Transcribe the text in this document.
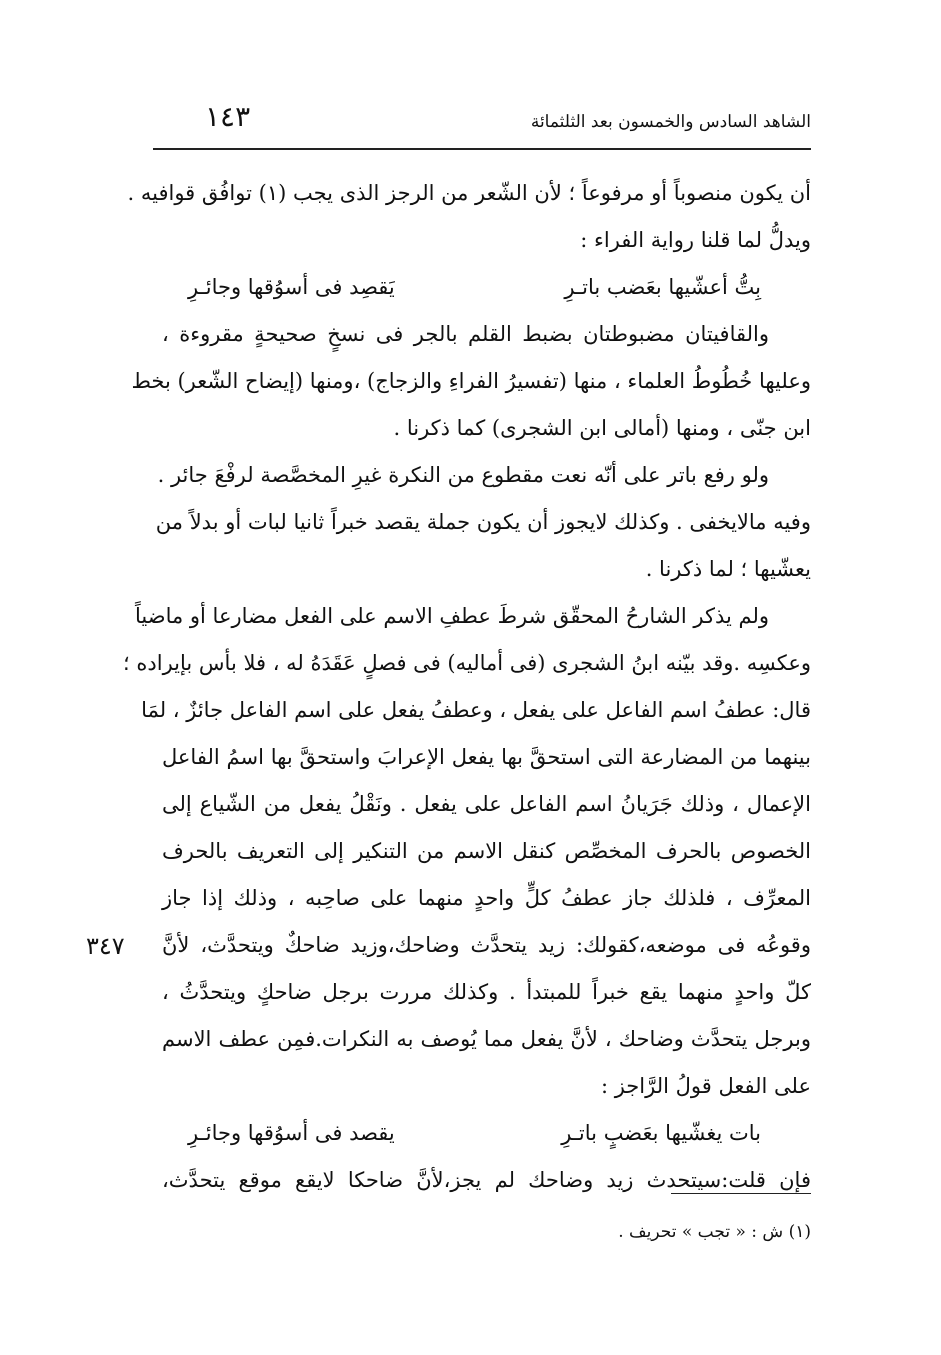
الشاهد السادس والخمسون بعد الثلثمائة
١٤٣
أن يكون منصوباً أو مرفوعاً ؛ لأن الشّعر من الرجز الذى يجب (١) توافُق قوافيه .
ويدلُّ لما قلنا رواية الفراء :
بِتُّ أعشّيها بعَضب باتـرِ
يَقصِد فى أسوُقها وجائـرِ
والقافيتان مضبوطتان بضبط القلم بالجر فى نسخٍ صحيحةٍ مقروءة ،
وعليها خُطُوطُ العلماء ، منها (تفسيرُ الفراءِ والزجاج) ،ومنها (إيضاح الشّعر) بخط
ابن جنّى ، ومنها (أمالى ابن الشجرى) كما ذكرنا .
ولو رفع باتر على أنّه نعت مقطوع من النكرة غيرِ المخصَّصة لرفْعَ جائر .
وفيه مالايخفى . وكذلك لايجوز أن يكون جملة يقصد خبراً ثانيا لبات أو بدلاً من
يعشّيها ؛ لما ذكرنا .
ولم يذكر الشارحُ المحقّق شرطَ عطفِ الاسم على الفعل مضارعا أو ماضياً
وعكسِه .وقد بيّنه ابنُ الشجرى (فى أماليه) فى فصلٍ عَقَدَهُ له ، فلا بأس بإيراده ؛
قال: عطفُ اسم الفاعل على يفعل ، وعطفُ يفعل على اسم الفاعل جائزٌ ، لمَا
بينهما من المضارعة التى استحقَّ بها يفعل الإعرابَ واستحقَّ بها اسمُ الفاعل
الإعمال ، وذلك جَرَيانُ اسم الفاعل على يفعل . ونَقْلُ يفعل من الشّياع إلى
الخصوص بالحرف المخصِّص كنقل الاسم من التنكير إلى التعريف بالحرف
المعرِّف ، فلذلك جاز عطفُ كلٍّ واحدٍ منهما على صاحِبه ، وذلك إذا جاز
وقوعُه فى موضعه،كقولك: زيد يتحدَّث وضاحك،وزيد ضاحكٌ ويتحدَّث، لأنَّ
كلّ واحدٍ منهما يقع خبراً للمبتدأ . وكذلك مررت برجل ضاحكٍ ويتحدَّثُ ،
وبرجل يتحدَّث وضاحك ، لأنَّ يفعل مما يُوصف به النكرات.فمِن عطف الاسم
على الفعل قولُ الرَّاجز :
بات يغشّيها بعَضبٍ باتـرِ
يقصد فى أسوُقها وجائـرِ
فإن قلت:سيتحدث زيد وضاحك لم يجز،لأنَّ ضاحكا لايقع موقع يتحدَّث،
٣٤٧
(١) ش : « تجب » تحريف .
